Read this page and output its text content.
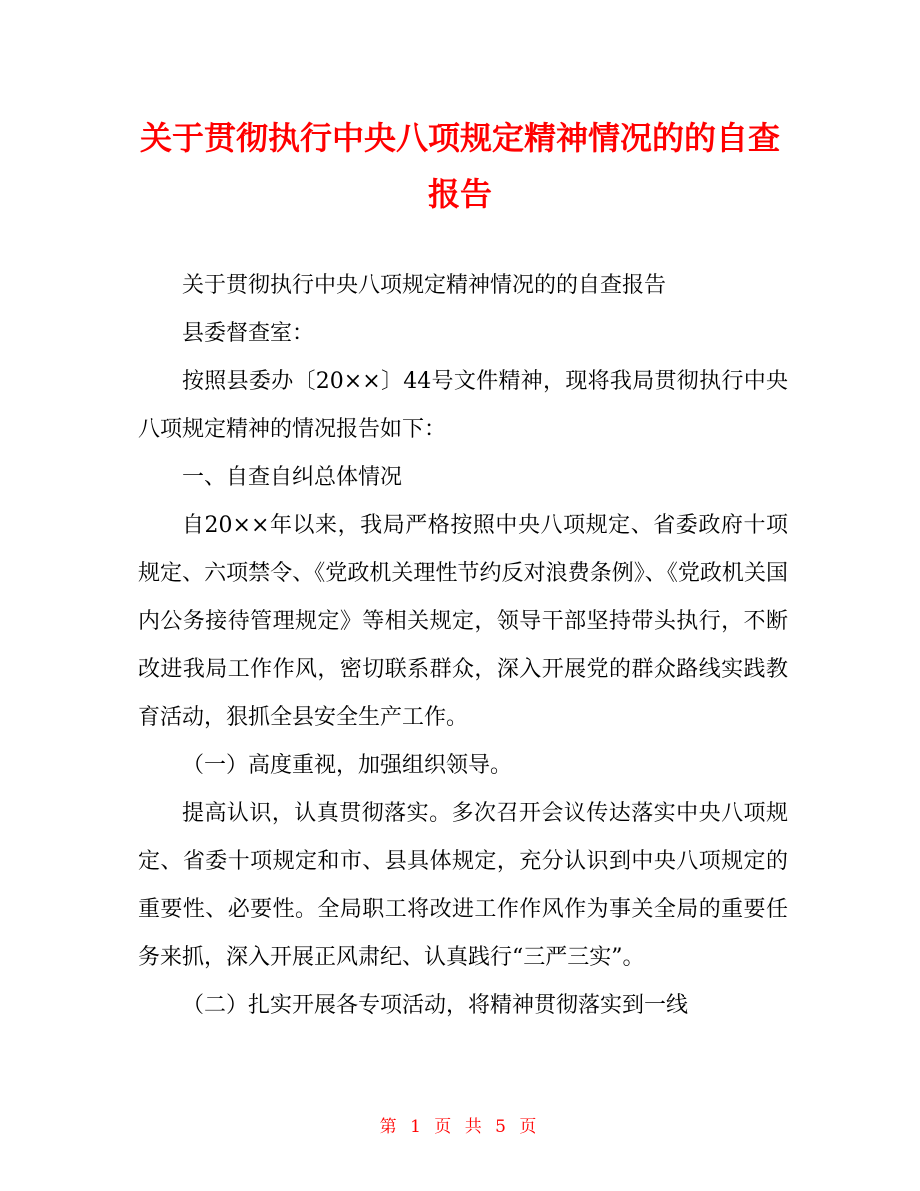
关于贯彻执行中央八项规定精神情况的的自查
报告

关于贯彻执行中央八项规定精神情况的的自查报告

县委督查室：

按照县委办〔20××〕44号文件精神，现将我局贯彻执行中央八项规定精神的情况报告如下：

一、自查自纠总体情况

自20××年以来，我局严格按照中央八项规定、省委政府十项规定、六项禁令、《党政机关理性节约反对浪费条例》、《党政机关国内公务接待管理规定》等相关规定，领导干部坚持带头执行，不断改进我局工作作风，密切联系群众，深入开展党的群众路线实践教育活动，狠抓全县安全生产工作。

（一）高度重视，加强组织领导。

提高认识，认真贯彻落实。多次召开会议传达落实中央八项规定、省委十项规定和市、县具体规定，充分认识到中央八项规定的重要性、必要性。全局职工将改进工作作风作为事关全局的重要任务来抓，深入开展正风肃纪、认真践行“三严三实”。

（二）扎实开展各专项活动，将精神贯彻落实到一线

第 1 页 共 5 页
